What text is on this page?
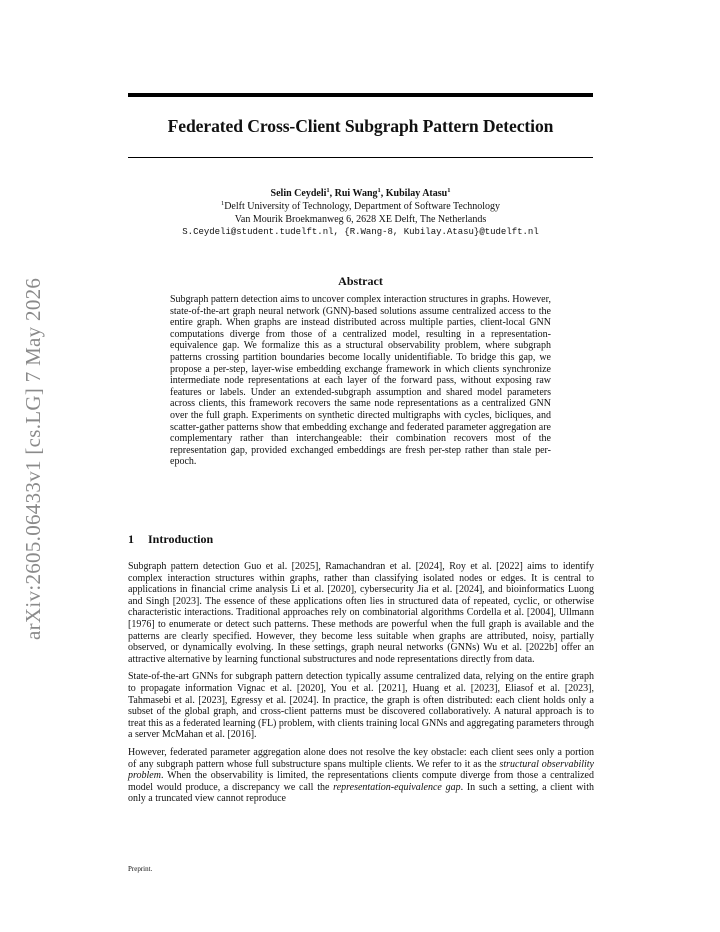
arXiv:2605.06433v1 [cs.LG] 7 May 2026
Federated Cross-Client Subgraph Pattern Detection
Selin Ceydeli$^1$, Rui Wang$^1$, Kubilay Atasu$^1$
$^1$Delft University of Technology, Department of Software Technology
Van Mourik Broekmanweg 6, 2628 XE Delft, The Netherlands
S.Ceydeli@student.tudelft.nl, {R.Wang-8, Kubilay.Atasu}@tudelft.nl
Abstract
Subgraph pattern detection aims to uncover complex interaction structures in graphs. However, state-of-the-art graph neural network (GNN)-based solutions assume centralized access to the entire graph. When graphs are instead distributed across multiple parties, client-local GNN computations diverge from those of a centralized model, resulting in a representation-equivalence gap. We formalize this as a structural observability problem, where subgraph patterns crossing partition boundaries become locally unidentifiable. To bridge this gap, we propose a per-step, layer-wise embedding exchange framework in which clients synchronize intermediate node representations at each layer of the forward pass, without exposing raw features or labels. Under an extended-subgraph assumption and shared model parameters across clients, this framework recovers the same node representations as a centralized GNN over the full graph. Experiments on synthetic directed multigraphs with cycles, bicliques, and scatter-gather patterns show that embedding exchange and federated parameter aggregation are complementary rather than interchangeable: their combination recovers most of the representation gap, provided exchanged embeddings are fresh per-step rather than stale per-epoch.
1 Introduction

Subgraph pattern detection Guo et al. [2025], Ramachandran et al. [2024], Roy et al. [2022] aims to identify complex interaction structures within graphs, rather than classifying isolated nodes or edges. It is central to applications in financial crime analysis Li et al. [2020], cybersecurity Jia et al. [2024], and bioinformatics Luong and Singh [2023]. The essence of these applications often lies in structured data of repeated, cyclic, or otherwise characteristic interactions. Traditional approaches rely on combinatorial algorithms Cordella et al. [2004], Ullmann [1976] to enumerate or detect such patterns. These methods are powerful when the full graph is available and the patterns are clearly specified. However, they become less suitable when graphs are attributed, noisy, partially observed, or dynamically evolving. In these settings, graph neural networks (GNNs) Wu et al. [2022b] offer an attractive alternative by learning functional substructures and node representations directly from data.

State-of-the-art GNNs for subgraph pattern detection typically assume centralized data, relying on the entire graph to propagate information Vignac et al. [2020], You et al. [2021], Huang et al. [2023], Eliasof et al. [2023], Tahmasebi et al. [2023], Egressy et al. [2024]. In practice, the graph is often distributed: each client holds only a subset of the global graph, and cross-client patterns must be discovered collaboratively. A natural approach is to treat this as a federated learning (FL) problem, with clients training local GNNs and aggregating parameters through a server McMahan et al. [2016].

However, federated parameter aggregation alone does not resolve the key obstacle: each client sees only a portion of any subgraph pattern whose full substructure spans multiple clients. We refer to it as the structural observability problem. When the observability is limited, the representations clients compute diverge from those a centralized model would produce, a discrepancy we call the representation-equivalence gap. In such a setting, a client with only a truncated view cannot reproduce

Preprint.
